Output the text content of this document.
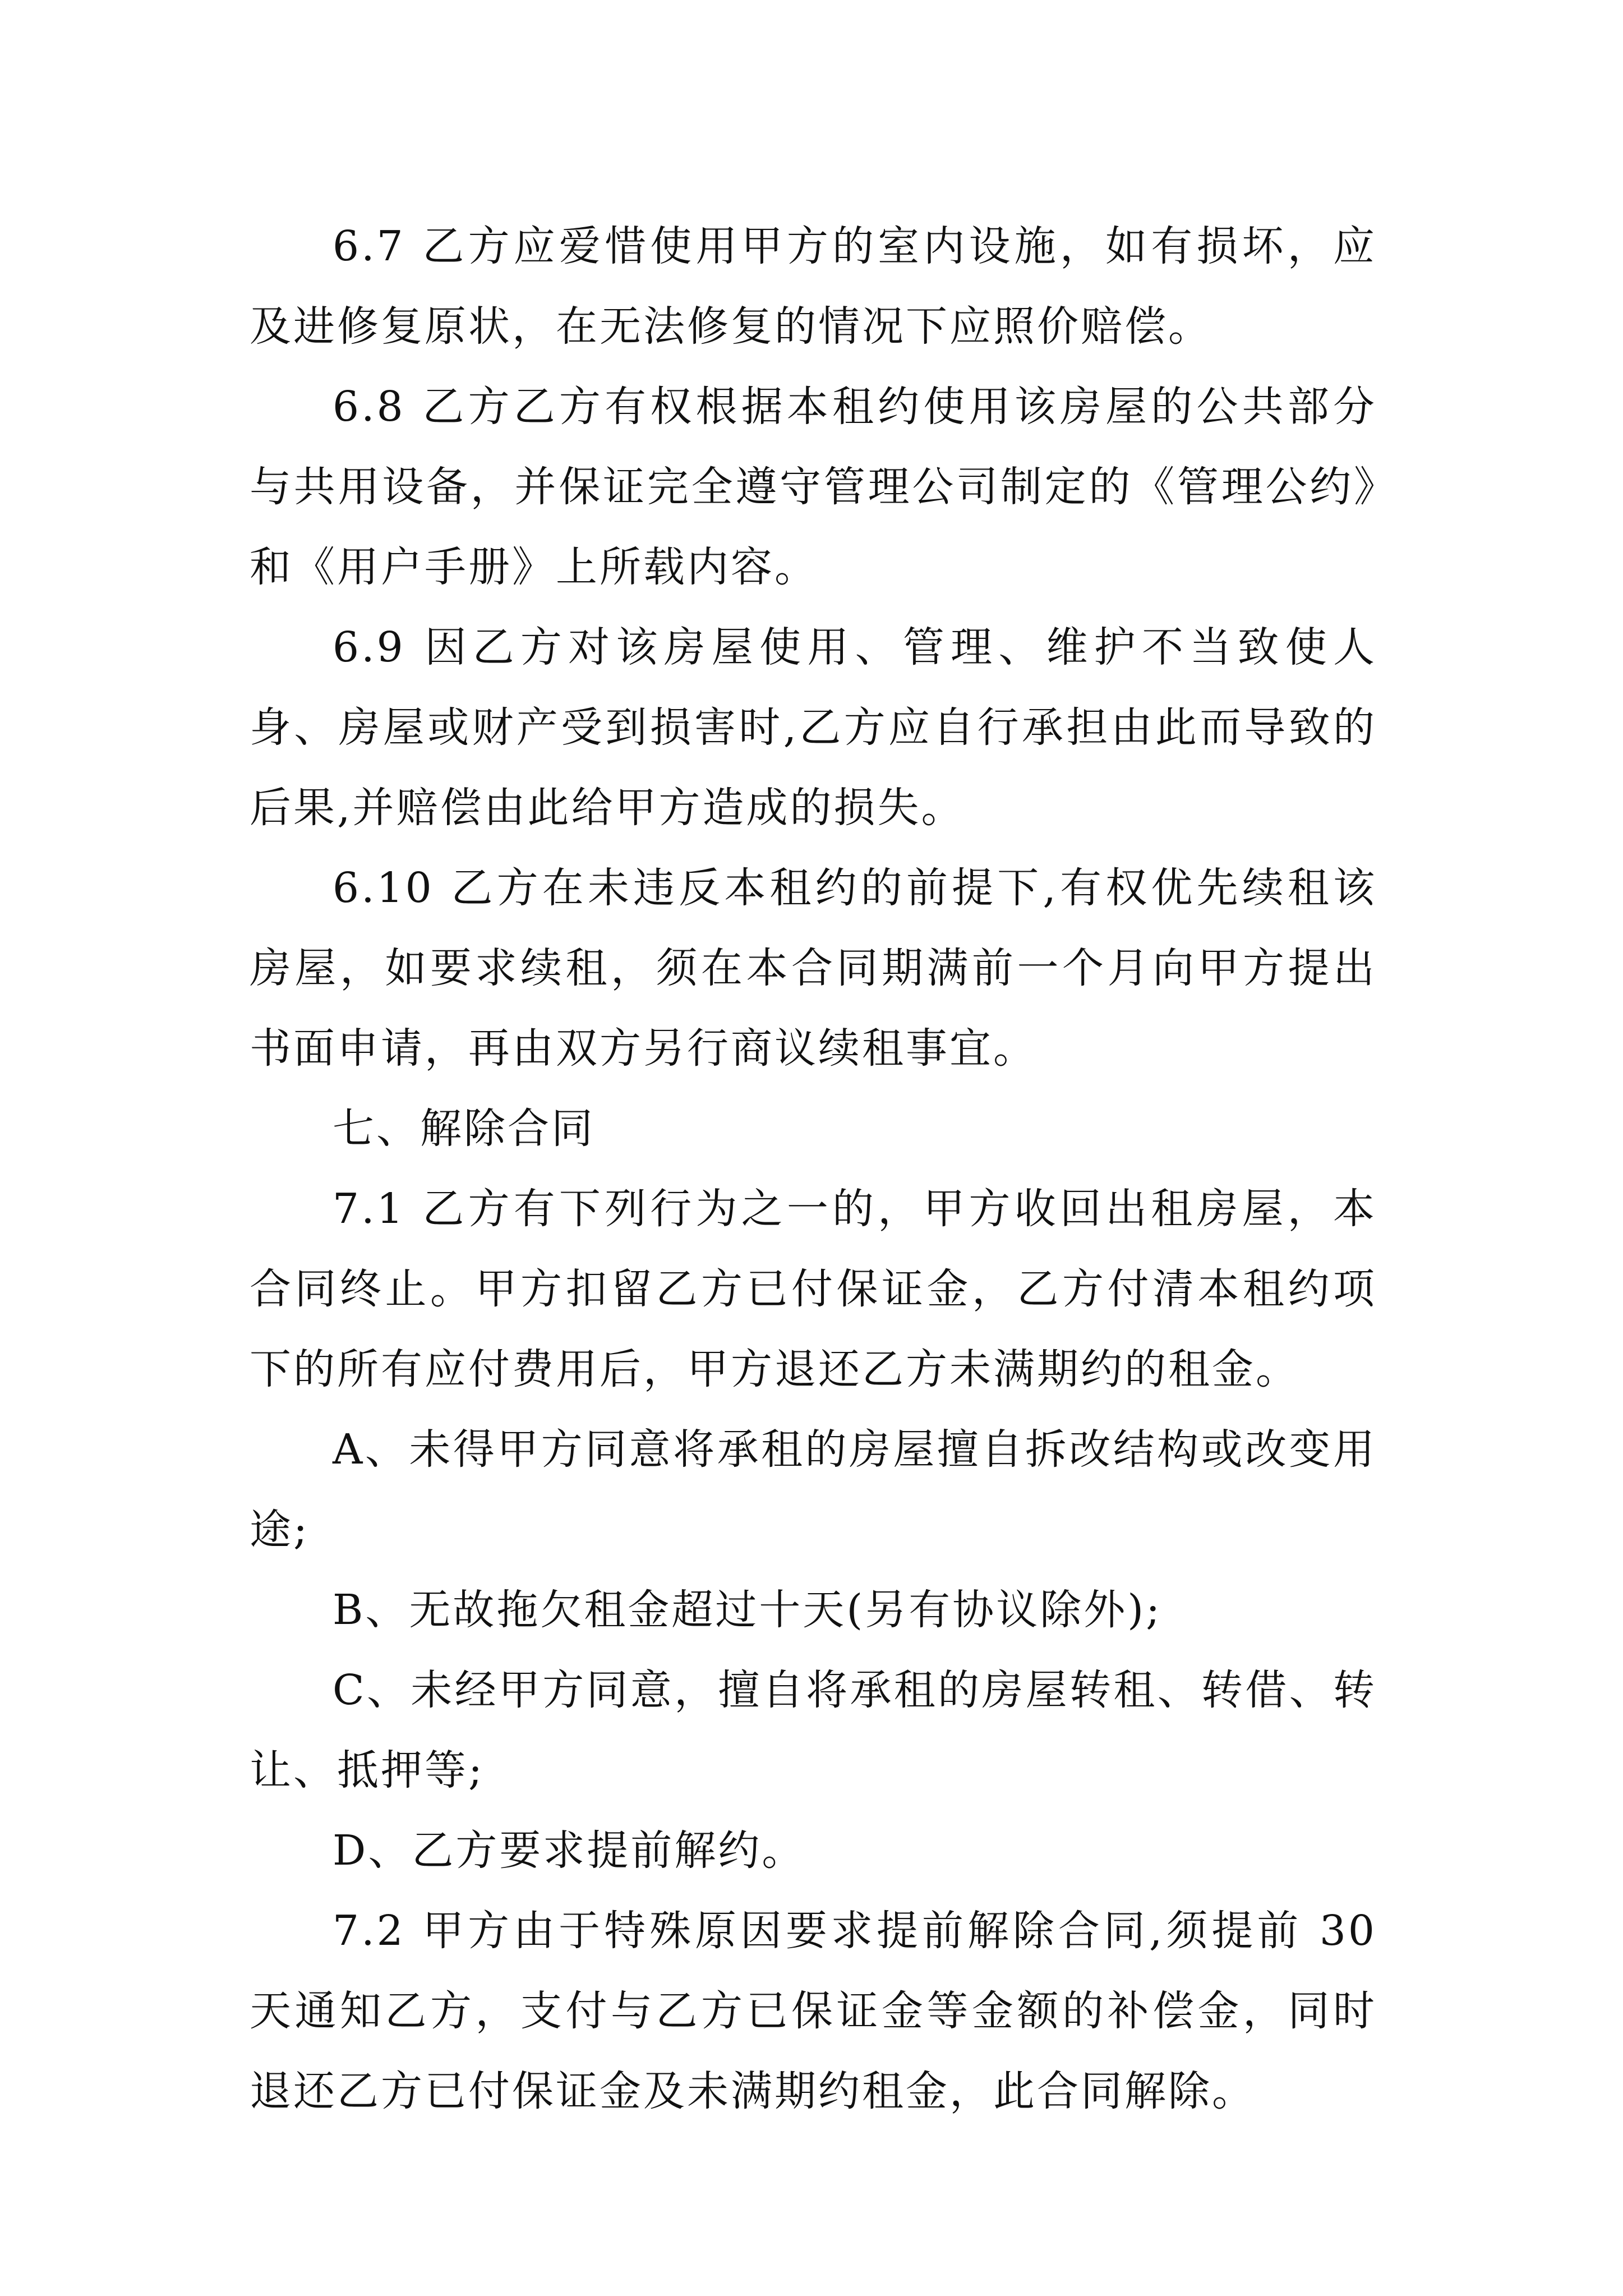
6.7 乙方应爱惜使用甲方的室内设施，如有损坏，应及进修复原状，在无法修复的情况下应照价赔偿。

6.8 乙方乙方有权根据本租约使用该房屋的公共部分与共用设备，并保证完全遵守管理公司制定的《管理公约》和《用户手册》上所载内容。

6.9 因乙方对该房屋使用、管理、维护不当致使人身、房屋或财产受到损害时,乙方应自行承担由此而导致的后果,并赔偿由此给甲方造成的损失。

6.10 乙方在未违反本租约的前提下,有权优先续租该房屋，如要求续租，须在本合同期满前一个月向甲方提出书面申请，再由双方另行商议续租事宜。

七、解除合同

7.1 乙方有下列行为之一的，甲方收回出租房屋，本合同终止。甲方扣留乙方已付保证金，乙方付清本租约项下的所有应付费用后，甲方退还乙方未满期约的租金。

A、未得甲方同意将承租的房屋擅自拆改结构或改变用途;

B、无故拖欠租金超过十天(另有协议除外);

C、未经甲方同意，擅自将承租的房屋转租、转借、转让、抵押等;

D、乙方要求提前解约。

7.2 甲方由于特殊原因要求提前解除合同,须提前 30 天通知乙方，支付与乙方已保证金等金额的补偿金，同时退还乙方已付保证金及未满期约租金，此合同解除。
